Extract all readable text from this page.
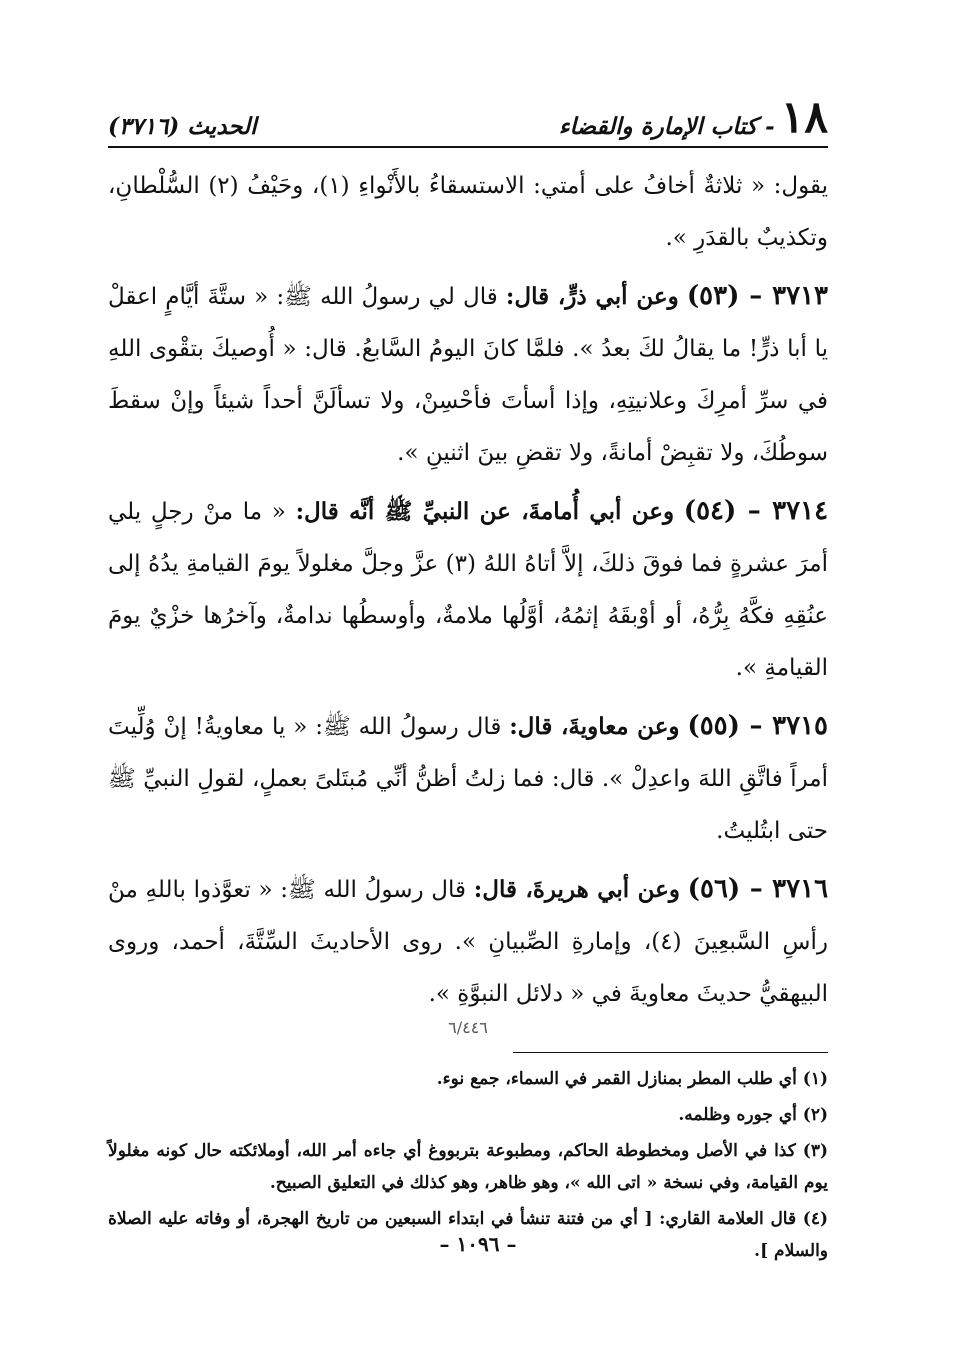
١٨
- كتاب الإمارة والقضاء
الحديث (٣٧١٦)

يقول: « ثلاثةٌ أخافُ على أمتي: الاستسقاءُ بالأَنْواءِ (١)، وحَيْفُ (٢) السُّلْطانِ، وتكذيبٌ بالقدَرِ ».

٣٧١٣ – (٥٣) وعن أبي ذرٍّ، قال: قال لي رسولُ الله ﷺ: « ستَّةَ أيَّامٍ اعقلْ يا أبا ذرٍّ! ما يقالُ لكَ بعدُ ». فلمَّا كانَ اليومُ السَّابعُ. قال: « أُوصيكَ بتقْوى اللهِ في سرِّ أمرِكَ وعلانيتِهِ، وإذا أسأتَ فأحْسِنْ، ولا تسألَنَّ أحداً شيئاً وإنْ سقطَ سوطُكَ، ولا تقبِضْ أمانةً، ولا تقضِ بينَ اثنينِ ».

٣٧١٤ – (٥٤) وعن أبي أُمامةَ، عن النبيِّ ﷺ أنَّه قال: « ما منْ رجلٍ يلي أمرَ عشرةٍ فما فوقَ ذلكَ، إلاَّ أتاهُ اللهُ (٣) عزَّ وجلَّ مغلولاً يومَ القيامةِ يدُهُ إلى عنُقِهِ فكَّهُ بِرُّهُ، أو أوْبقَهُ إثمُهُ، أوَّلُها ملامةٌ، وأوسطُها ندامةٌ، وآخرُها خزْيٌ يومَ القيامةِ ».

٣٧١٥ – (٥٥) وعن معاويةَ، قال: قال رسولُ الله ﷺ: « يا معاويةُ! إنْ وُلِّيتَ أمراً فاتَّقِ اللهَ واعدِلْ ». قال: فما زلتُ أظنُّ أنِّي مُبتَلىً بعملٍ، لقولِ النبيِّ ﷺ حتى ابتُليتُ.

٣٧١٦ – (٥٦) وعن أبي هريرةَ، قال: قال رسولُ الله ﷺ: « تعوَّذوا باللهِ منْ رأسِ السَّبعِينَ (٤)، وإمارةِ الصِّبيانِ ». روى الأحاديثَ السِّتَّةَ، أحمد، وروى البيهقيُّ حديثَ معاويةَ في « دلائل النبوَّةِ ».

٦/٤٤٦

(١) أي طلب المطر بمنازل القمر في السماء، جمع نوء.

(٢) أي جوره وظلمه.

(٣) كذا في الأصل ومخطوطة الحاكم، ومطبوعة بتربووغ أي جاءه أمر الله، أوملائكته حال كونه مغلولاً يوم القيامة، وفي نسخة « اتى الله »، وهو ظاهر، وهو كذلك في التعليق الصبيح.

(٤) قال العلامة القاري: [ أي من فتنة تنشأ في ابتداء السبعين من تاريخ الهجرة، أو وفاته عليه الصلاة والسلام ].

– ١٠٩٦ –
